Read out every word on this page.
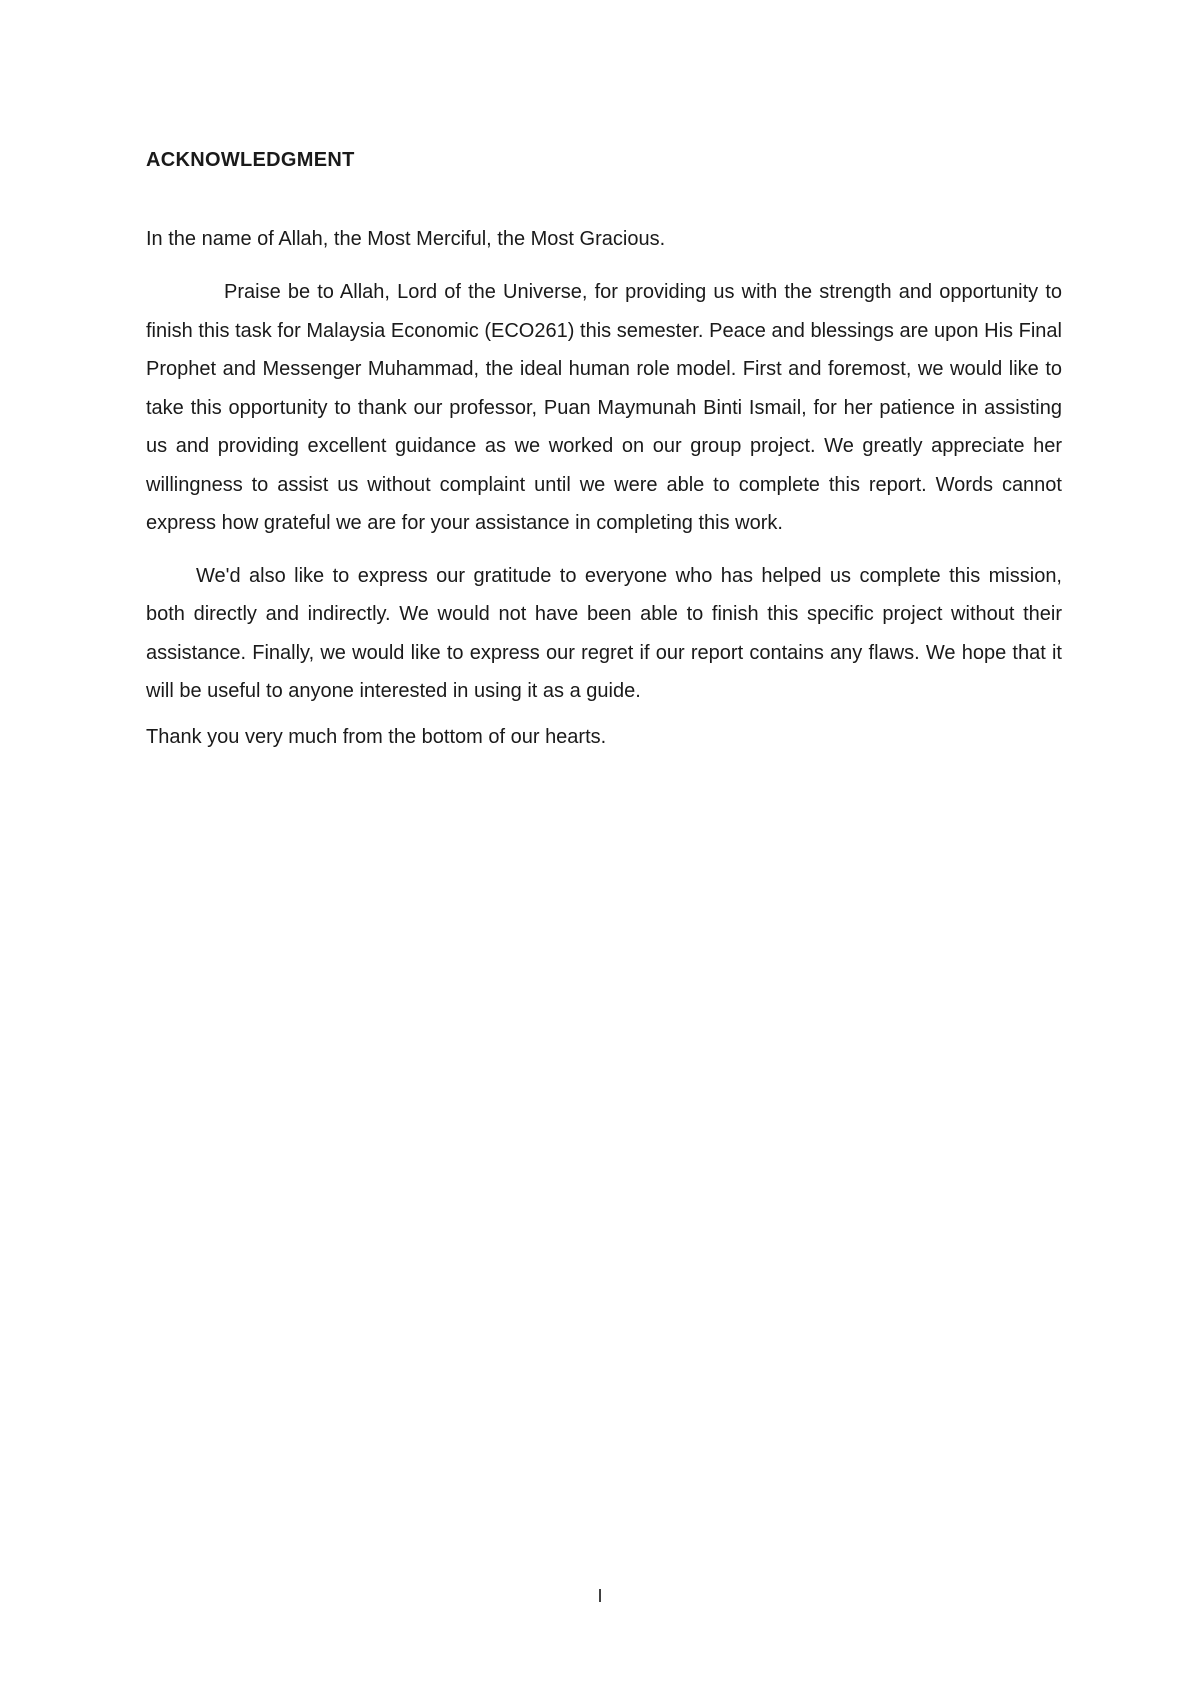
ACKNOWLEDGMENT

In the name of Allah, the Most Merciful, the Most Gracious.

Praise be to Allah, Lord of the Universe, for providing us with the strength and opportunity to finish this task for Malaysia Economic (ECO261) this semester. Peace and blessings are upon His Final Prophet and Messenger Muhammad, the ideal human role model. First and foremost, we would like to take this opportunity to thank our professor, Puan Maymunah Binti Ismail, for her patience in assisting us and providing excellent guidance as we worked on our group project. We greatly appreciate her willingness to assist us without complaint until we were able to complete this report. Words cannot express how grateful we are for your assistance in completing this work.

We'd also like to express our gratitude to everyone who has helped us complete this mission, both directly and indirectly. We would not have been able to finish this specific project without their assistance. Finally, we would like to express our regret if our report contains any flaws. We hope that it will be useful to anyone interested in using it as a guide.

Thank you very much from the bottom of our hearts.

I
